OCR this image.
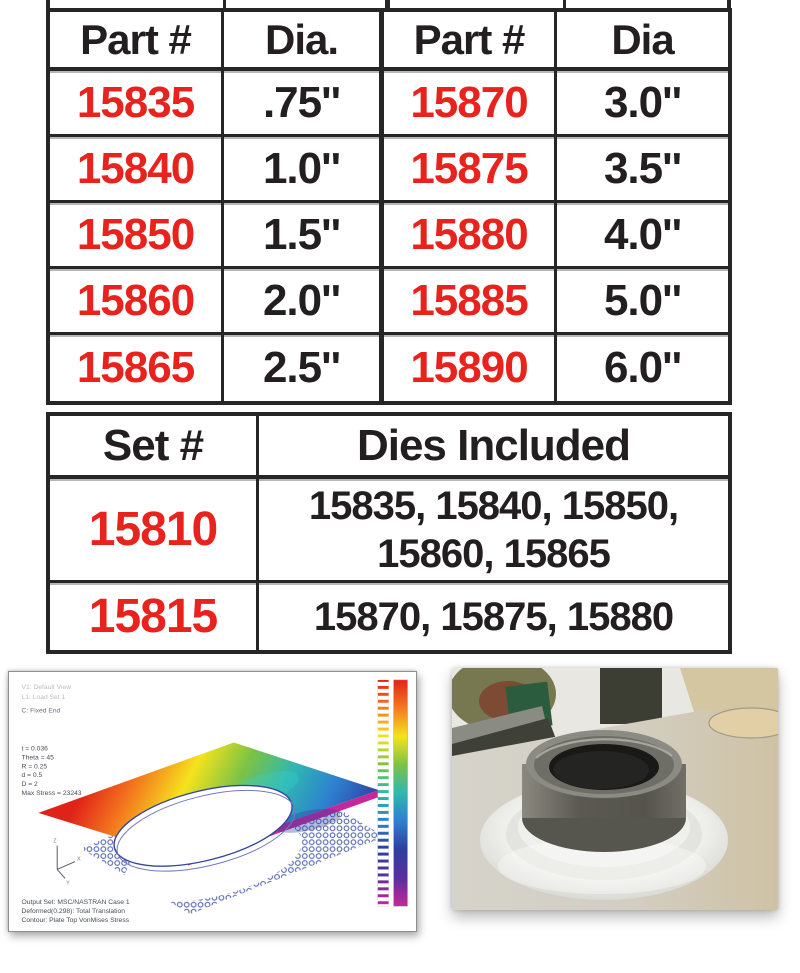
Part #	Dia.	Part #	Dia
15835	.75''	15870	3.0''
15840	1.0''	15875	3.5''
15850	1.5''	15880	4.0''
15860	2.0''	15885	5.0''
15865	2.5''	15890	6.0''
Set #	Dies Included
15810	15835, 15840, 15850, 15860, 15865
15815	15870, 15875, 15880
Z
X
Y
V1: Default View
L1: Load Set 1
C: Fixed End
t = 0.036
Theta = 45
R = 0.25
d = 0.5
D = 2
Max Stress = 23243
Output Set: MSC/NASTRAN Case 1
Deformed(0.298): Total Translation
Contour: Plate Top VonMises Stress
